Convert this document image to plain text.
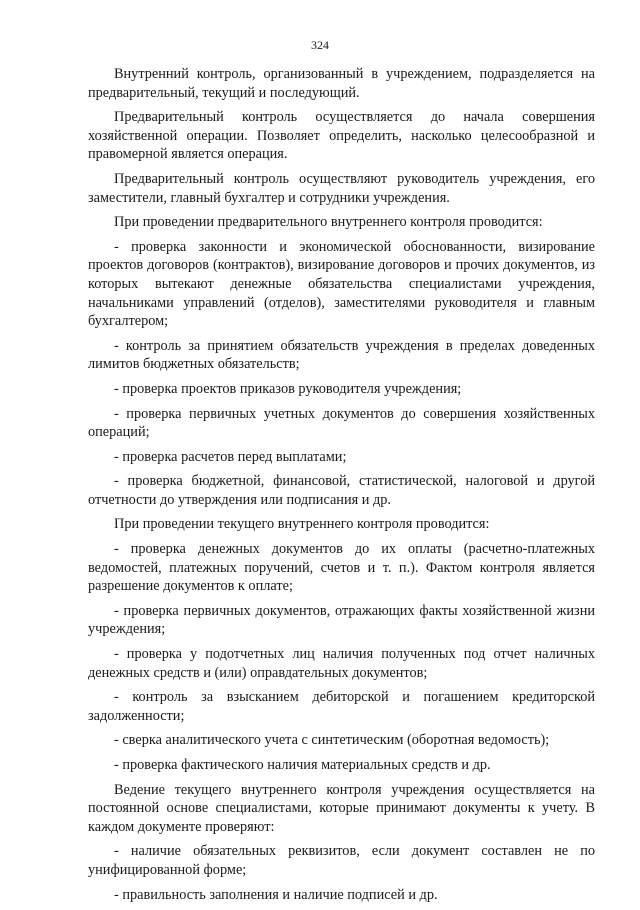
324

Внутренний контроль, организованный в учреждением, подразделяется на предварительный, текущий и последующий.

Предварительный контроль осуществляется до начала совершения хозяйственной операции. Позволяет определить, насколько целесообразной и правомерной является операция.

Предварительный контроль осуществляют руководитель учреждения, его заместители, главный бухгалтер и сотрудники учреждения.

При проведении предварительного внутреннего контроля проводится:

- проверка законности и экономической обоснованности, визирование проектов договоров (контрактов), визирование договоров и прочих документов, из которых вытекают денежные обязательства специалистами учреждения, начальниками управлений (отделов), заместителями руководителя и главным бухгалтером;

- контроль за принятием обязательств учреждения в пределах доведенных лимитов бюджетных обязательств;

- проверка проектов приказов руководителя учреждения;

- проверка первичных учетных документов до совершения хозяйственных операций;

- проверка расчетов перед выплатами;

- проверка бюджетной, финансовой, статистической, налоговой и другой отчетности до утверждения или подписания и др.

При проведении текущего внутреннего контроля проводится:

- проверка денежных документов до их оплаты (расчетно-платежных ведомостей, платежных поручений, счетов и т. п.). Фактом контроля является разрешение документов к оплате;

- проверка первичных документов, отражающих факты хозяйственной жизни учреждения;

- проверка у подотчетных лиц наличия полученных под отчет наличных денежных средств и (или) оправдательных документов;

- контроль за взысканием дебиторской и погашением кредиторской задолженности;

- сверка аналитического учета с синтетическим (оборотная ведомость);

- проверка фактического наличия материальных средств и др.

Ведение текущего внутреннего контроля учреждения осуществляется на постоянной основе специалистами, которые принимают документы к учету. В каждом документе проверяют:

- наличие обязательных реквизитов, если документ составлен не по унифицированной форме;

- правильность заполнения и наличие подписей и др.
